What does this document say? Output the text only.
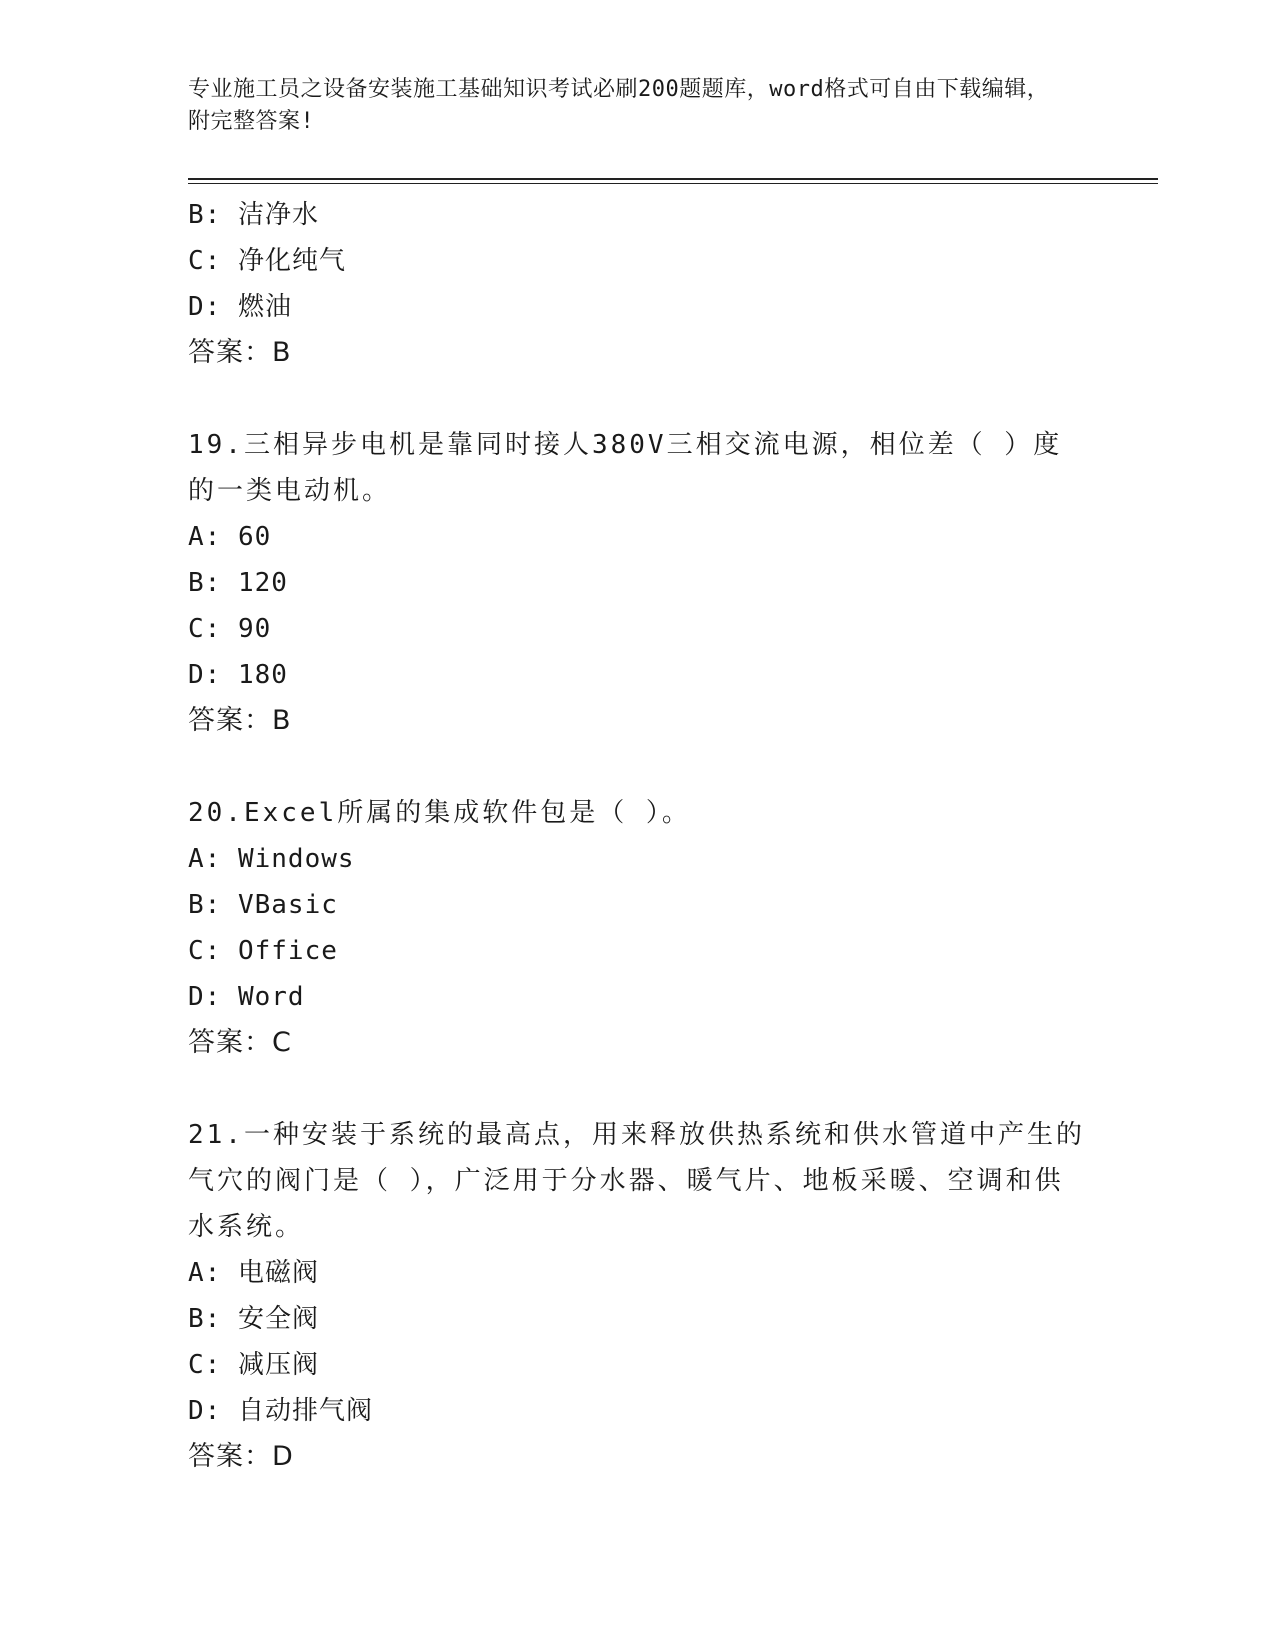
专业施工员之设备安装施工基础知识考试必刷200题题库，word格式可自由下载编辑，附完整答案!
B: 洁净水
C: 净化纯气
D: 燃油
答案：B
19.三相异步电机是靠同时接人380V三相交流电源，相位差（ ）度的一类电动机。
A: 60
B: 120
C: 90
D: 180
答案：B
20.Excel所属的集成软件包是（ ）。
A: Windows
B: VBasic
C: Office
D: Word
答案：C
21.一种安装于系统的最高点，用来释放供热系统和供水管道中产生的气穴的阀门是（ ），广泛用于分水器、暖气片、地板采暖、空调和供水系统。
A: 电磁阀
B: 安全阀
C: 减压阀
D: 自动排气阀
答案：D
